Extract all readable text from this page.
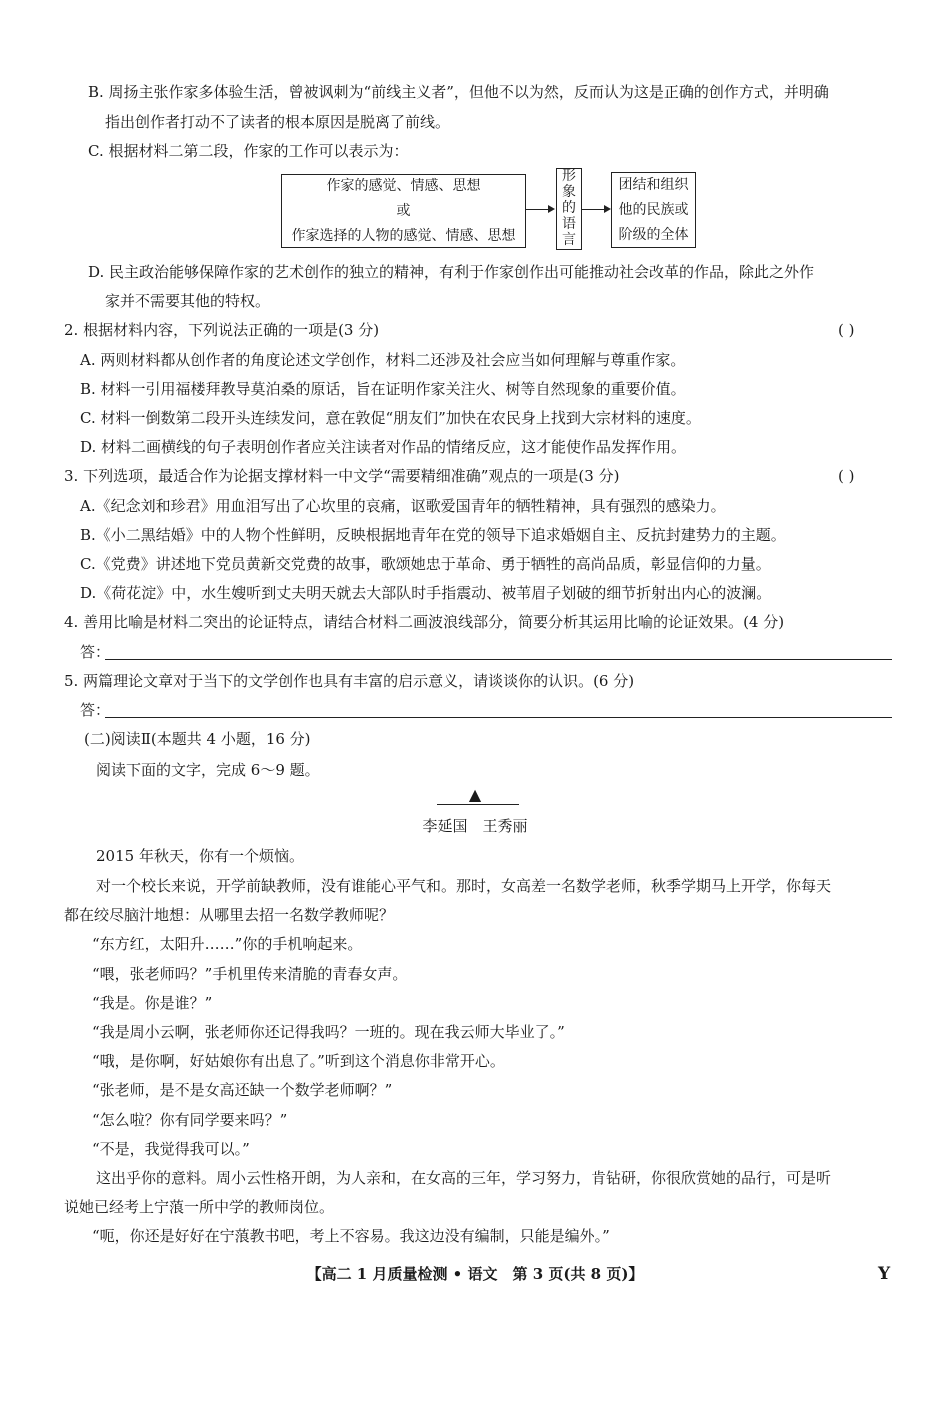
B. 周扬主张作家多体验生活，曾被讽刺为“前线主义者”，但他不以为然，反而认为这是正确的创作方式，并明确
指出创作者打动不了读者的根本原因是脱离了前线。
C. 根据材料二第二段，作家的工作可以表示为：
作家的感觉、情感、思想
或
作家选择的人物的感觉、情感、思想
形
象
的
语
言
团结和组织
他的民族或
阶级的全体
D. 民主政治能够保障作家的艺术创作的独立的精神，有利于作家创作出可能推动社会改革的作品，除此之外作
家并不需要其他的特权。
2. 根据材料内容，下列说法正确的一项是(3 分)	( )
A. 两则材料都从创作者的角度论述文学创作，材料二还涉及社会应当如何理解与尊重作家。
B. 材料一引用福楼拜教导莫泊桑的原话，旨在证明作家关注火、树等自然现象的重要价值。
C. 材料一倒数第二段开头连续发问，意在敦促“朋友们”加快在农民身上找到大宗材料的速度。
D. 材料二画横线的句子表明创作者应关注读者对作品的情绪反应，这才能使作品发挥作用。
3. 下列选项，最适合作为论据支撑材料一中文学“需要精细准确”观点的一项是(3 分)	( )
A.《纪念刘和珍君》用血泪写出了心坎里的哀痛，讴歌爱国青年的牺牲精神，具有强烈的感染力。
B.《小二黑结婚》中的人物个性鲜明，反映根据地青年在党的领导下追求婚姻自主、反抗封建势力的主题。
C.《党费》讲述地下党员黄新交党费的故事，歌颂她忠于革命、勇于牺牲的高尚品质，彰显信仰的力量。
D.《荷花淀》中，水生嫂听到丈夫明天就去大部队时手指震动、被苇眉子划破的细节折射出内心的波澜。
4. 善用比喻是材料二突出的论证特点，请结合材料二画波浪线部分，简要分析其运用比喻的论证效果。(4 分)
答：
5. 两篇理论文章对于当下的文学创作也具有丰富的启示意义，请谈谈你的认识。(6 分)
答：
(二)阅读Ⅱ(本题共 4 小题，16 分)
阅读下面的文字，完成 6～9 题。
▲
李延国　王秀丽
2015 年秋天，你有一个烦恼。
对一个校长来说，开学前缺教师，没有谁能心平气和。那时，女高差一名数学老师，秋季学期马上开学，你每天
都在绞尽脑汁地想：从哪里去招一名数学教师呢？
“东方红，太阳升……”你的手机响起来。
“喂，张老师吗？”手机里传来清脆的青春女声。
“我是。你是谁？”
“我是周小云啊，张老师你还记得我吗？一班的。现在我云师大毕业了。”
“哦，是你啊，好姑娘你有出息了。”听到这个消息你非常开心。
“张老师，是不是女高还缺一个数学老师啊？”
“怎么啦？你有同学要来吗？”
“不是，我觉得我可以。”
这出乎你的意料。周小云性格开朗，为人亲和，在女高的三年，学习努力，肯钻研，你很欣赏她的品行，可是听
说她已经考上宁蒗一所中学的教师岗位。
“呃，你还是好好在宁蒗教书吧，考上不容易。我这边没有编制，只能是编外。”
【高二 1 月质量检测 • 语文　第 3 页(共 8 页)】	Y
